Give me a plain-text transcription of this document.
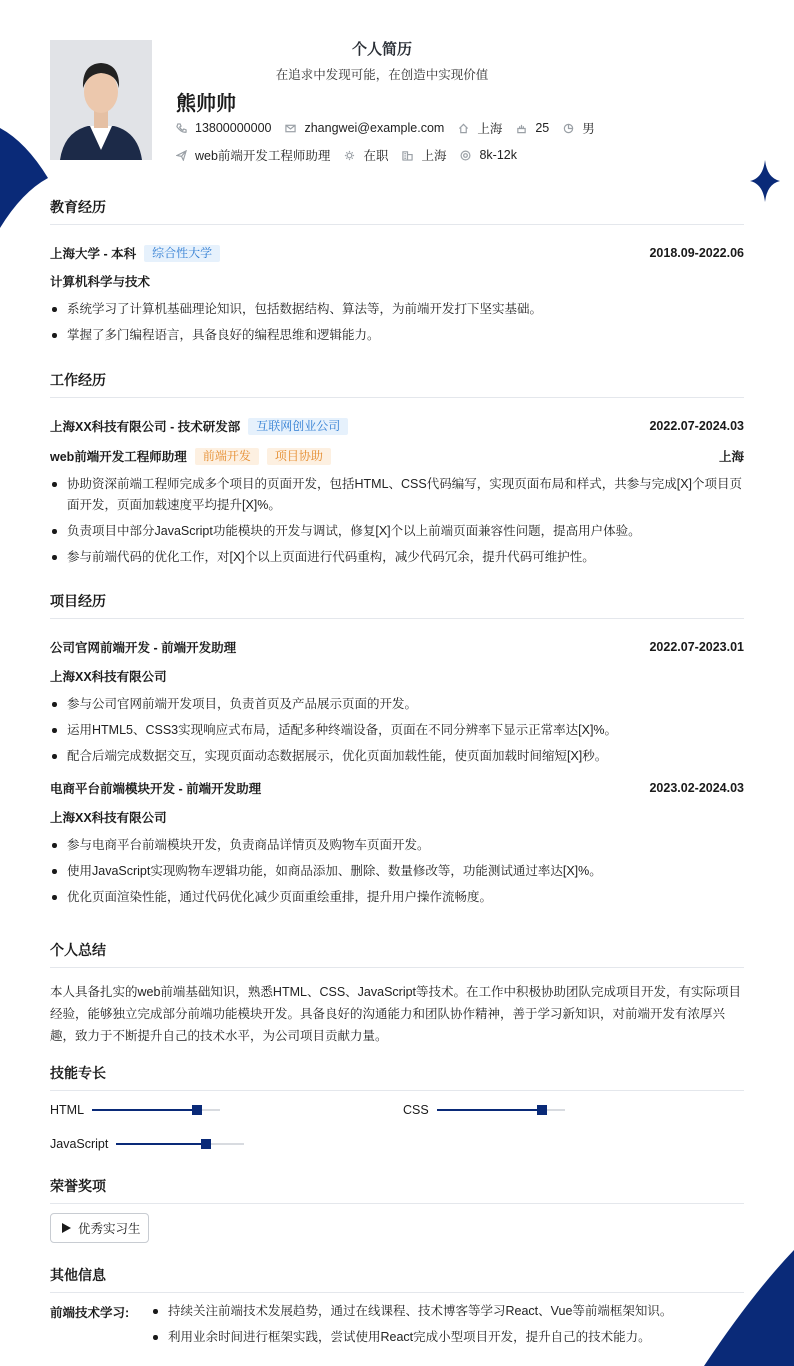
个人简历
在追求中发现可能，在创造中实现价值
熊帅帅
13800000000	zhangwei@example.com	上海	25	男
web前端开发工程师助理	在职	上海	8k-12k
教育经历
上海大学 - 本科	综合性大学	2018.09-2022.06
计算机科学与技术
系统学习了计算机基础理论知识，包括数据结构、算法等，为前端开发打下坚实基础。
掌握了多门编程语言，具备良好的编程思维和逻辑能力。
工作经历
上海XX科技有限公司 - 技术研发部	互联网创业公司	2022.07-2024.03
web前端开发工程师助理	前端开发	项目协助	上海
协助资深前端工程师完成多个项目的页面开发，包括HTML、CSS代码编写，实现页面布局和样式，共参与完成[X]个项目页面开发，页面加载速度平均提升[X]%。
负责项目中部分JavaScript功能模块的开发与调试，修复[X]个以上前端页面兼容性问题，提高用户体验。
参与前端代码的优化工作，对[X]个以上页面进行代码重构，减少代码冗余，提升代码可维护性。
项目经历
公司官网前端开发 - 前端开发助理	2022.07-2023.01
上海XX科技有限公司
参与公司官网前端开发项目，负责首页及产品展示页面的开发。
运用HTML5、CSS3实现响应式布局，适配多种终端设备，页面在不同分辨率下显示正常率达[X]%。
配合后端完成数据交互，实现页面动态数据展示，优化页面加载性能，使页面加载时间缩短[X]秒。
电商平台前端模块开发 - 前端开发助理	2023.02-2024.03
上海XX科技有限公司
参与电商平台前端模块开发，负责商品详情页及购物车页面开发。
使用JavaScript实现购物车逻辑功能，如商品添加、删除、数量修改等，功能测试通过率达[X]%。
优化页面渲染性能，通过代码优化减少页面重绘重排，提升用户操作流畅度。
个人总结

本人具备扎实的web前端基础知识，熟悉HTML、CSS、JavaScript等技术。在工作中积极协助团队完成项目开发，有实际项目经验，能够独立完成部分前端功能模块开发。具备良好的沟通能力和团队协作精神，善于学习新知识，对前端开发有浓厚兴趣，致力于不断提升自己的技术水平，为公司项目贡献力量。

技能专长
HTML	CSS
JavaScript
荣誉奖项
优秀实习生
其他信息
前端技术学习:	持续关注前端技术发展趋势，通过在线课程、技术博客等学习React、Vue等前端框架知识。
利用业余时间进行框架实践，尝试使用React完成小型项目开发，提升自己的技术能力。
